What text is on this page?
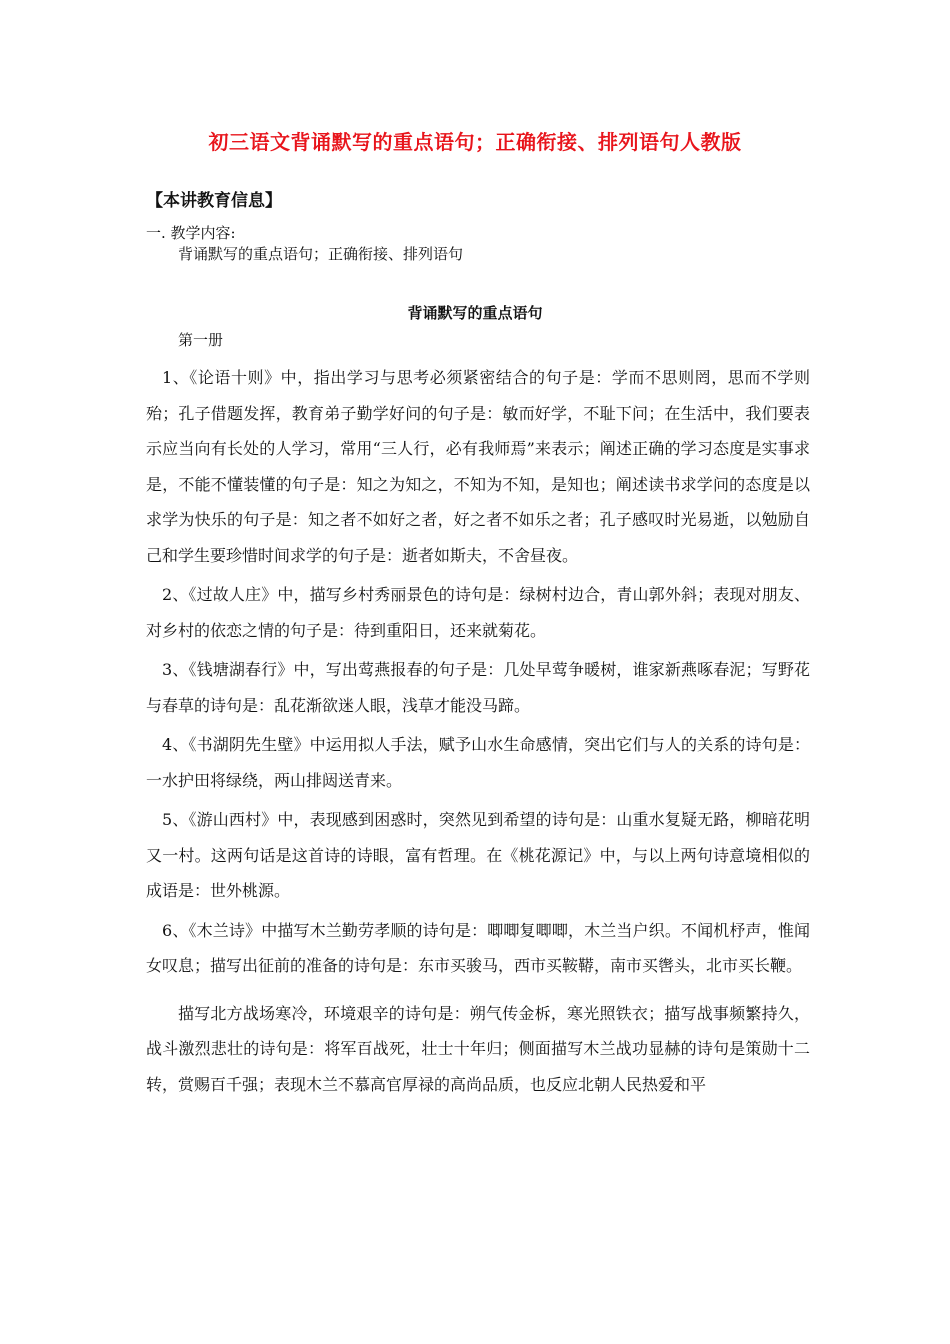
初三语文背诵默写的重点语句；正确衔接、排列语句人教版
【本讲教育信息】
一. 教学内容:
背诵默写的重点语句；正确衔接、排列语句
背诵默写的重点语句
第一册

1、《论语十则》中，指出学习与思考必须紧密结合的句子是：学而不思则罔，思而不学则殆；孔子借题发挥，教育弟子勤学好问的句子是：敏而好学，不耻下问；在生活中，我们要表示应当向有长处的人学习，常用“三人行，必有我师焉”来表示；阐述正确的学习态度是实事求是，不能不懂装懂的句子是：知之为知之，不知为不知，是知也；阐述读书求学问的态度是以求学为快乐的句子是：知之者不如好之者，好之者不如乐之者；孔子感叹时光易逝，以勉励自己和学生要珍惜时间求学的句子是：逝者如斯夫，不舍昼夜。

2、《过故人庄》中，描写乡村秀丽景色的诗句是：绿树村边合，青山郭外斜；表现对朋友、对乡村的依恋之情的句子是：待到重阳日，还来就菊花。

3、《钱塘湖春行》中，写出莺燕报春的句子是：几处早莺争暖树，谁家新燕啄春泥；写野花与春草的诗句是：乱花渐欲迷人眼，浅草才能没马蹄。

4、《书湖阴先生壁》中运用拟人手法，赋予山水生命感情，突出它们与人的关系的诗句是：一水护田将绿绕，两山排闼送青来。

5、《游山西村》中，表现感到困惑时，突然见到希望的诗句是：山重水复疑无路，柳暗花明又一村。这两句话是这首诗的诗眼，富有哲理。在《桃花源记》中，与以上两句诗意境相似的成语是：世外桃源。

6、《木兰诗》中描写木兰勤劳孝顺的诗句是：唧唧复唧唧，木兰当户织。不闻机杼声，惟闻女叹息；描写出征前的准备的诗句是：东市买骏马，西市买鞍鞯，南市买辔头，北市买长鞭。

描写北方战场寒冷，环境艰辛的诗句是：朔气传金柝，寒光照铁衣；描写战事频繁持久，战斗激烈悲壮的诗句是：将军百战死，壮士十年归；侧面描写木兰战功显赫的诗句是策勋十二转，赏赐百千强；表现木兰不慕高官厚禄的高尚品质，也反应北朝人民热爱和平
